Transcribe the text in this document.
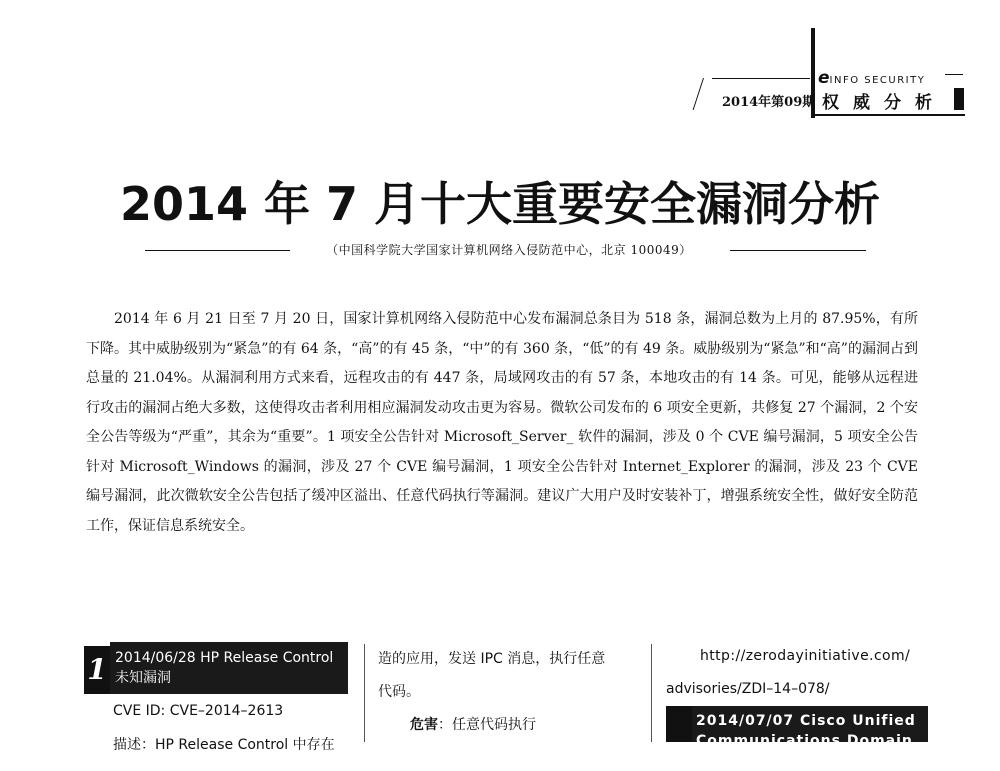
2014年第09期
eINFO SECURITY
权威分析
2014 年 7 月十大重要安全漏洞分析
（中国科学院大学国家计算机网络入侵防范中心，北京 100049）
2014 年 6 月 21 日至 7 月 20 日，国家计算机网络入侵防范中心发布漏洞总条目为 518 条，漏洞总数为上月的 87.95%，有所下降。其中威胁级别为“紧急”的有 64 条，“高”的有 45 条，“中”的有 360 条，“低”的有 49 条。威胁级别为“紧急”和“高”的漏洞占到总量的 21.04%。从漏洞利用方式来看，远程攻击的有 447 条，局域网攻击的有 57 条，本地攻击的有 14 条。可见，能够从远程进行攻击的漏洞占绝大多数，这使得攻击者利用相应漏洞发动攻击更为容易。微软公司发布的 6 项安全更新，共修复 27 个漏洞，2 个安全公告等级为“严重”，其余为“重要”。1 项安全公告针对 Microsoft_Server_ 软件的漏洞，涉及 0 个 CVE 编号漏洞，5 项安全公告针对 Microsoft_Windows 的漏洞，涉及 27 个 CVE 编号漏洞，1 项安全公告针对 Internet_Explorer 的漏洞，涉及 23 个 CVE 编号漏洞，此次微软安全公告包括了缓冲区溢出、任意代码执行等漏洞。建议广大用户及时安装补丁，增强系统安全性，做好安全防范工作，保证信息系统安全。
1 2014/06/28 HP Release Control
未知漏洞
CVE ID: CVE–2014–2613
描述：HP Release Control 中存在
造的应用，发送 IPC 消息，执行任意
代码。
危害：任意代码执行
http://zerodayinitiative.com/
advisories/ZDI–14–078/
2014/07/07 Cisco Unified Communications Domain Manager
